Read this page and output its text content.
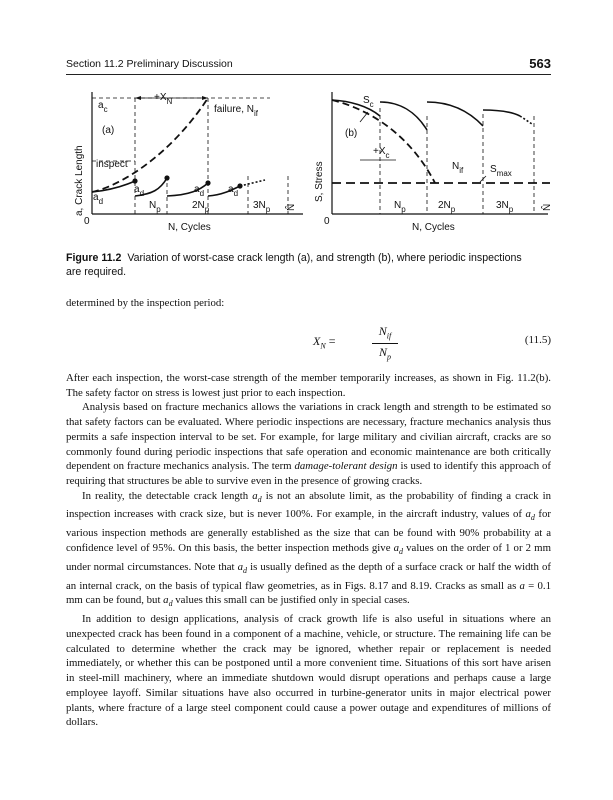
Section 11.2 Preliminary Discussion	563
a, Crack Length
$a_c$
(a)
$+X_N$
failure, $N_{if}$
inspect
$a_d$
$a_d$	$a_d$ $a_d$
$N_p$	$2N_p$	$3N_p$ N̂
0
N, Cycles
S, Stress
$S_c$
(b)
$+X_c$
$N_{if}$	$S_{max}$
$N_p$	$2N_p$	$3N_p$	N̂
0
N, Cycles
Figure 11.2 Variation of worst-case crack length (a), and strength (b), where periodic inspections are required.

determined by the inspection period:

$X_N$ =
$N_{if}$
$N_p$
(11.5)

After each inspection, the worst-case strength of the member temporarily increases, as shown in Fig. 11.2(b). The safety factor on stress is lowest just prior to each inspection.

Analysis based on fracture mechanics allows the variations in crack length and strength to be estimated so that safety factors can be evaluated. Where periodic inspections are necessary, fracture mechanics analysis thus permits a safe inspection interval to be set. For example, for large military and civilian aircraft, cracks are so commonly found during periodic inspections that safe operation and economic maintenance are both critically dependent on fracture mechanics analysis. The term damage-tolerant design is used to identify this approach of requiring that structures be able to survive even in the presence of growing cracks.

In reality, the detectable crack length $a_d$ is not an absolute limit, as the probability of finding a crack in inspection increases with crack size, but is never 100%. For example, in the aircraft industry, values of $a_d$ for various inspection methods are generally established as the size that can be found with 90% probability at a confidence level of 95%. On this basis, the better inspection methods give $a_d$ values on the order of 1 or 2 mm under normal circumstances. Note that $a_d$ is usually defined as the depth of a surface crack or half the width of an internal crack, on the basis of typical flaw geometries, as in Figs. 8.17 and 8.19. Cracks as small as a = 0.1 mm can be found, but $a_d$ values this small can be justified only in special cases.

In addition to design applications, analysis of crack growth life is also useful in situations where an unexpected crack has been found in a component of a machine, vehicle, or structure. The remaining life can be calculated to determine whether the crack may be ignored, whether repair or replacement is needed immediately, or whether this can be postponed until a more convenient time. Situations of this sort have arisen in steel-mill machinery, where an immediate shutdown would disrupt operations and perhaps cause a large employee layoff. Similar situations have also occurred in turbine-generator units in major electrical power plants, where fracture of a large steel component could cause a power outage and expenditures of millions of dollars.
